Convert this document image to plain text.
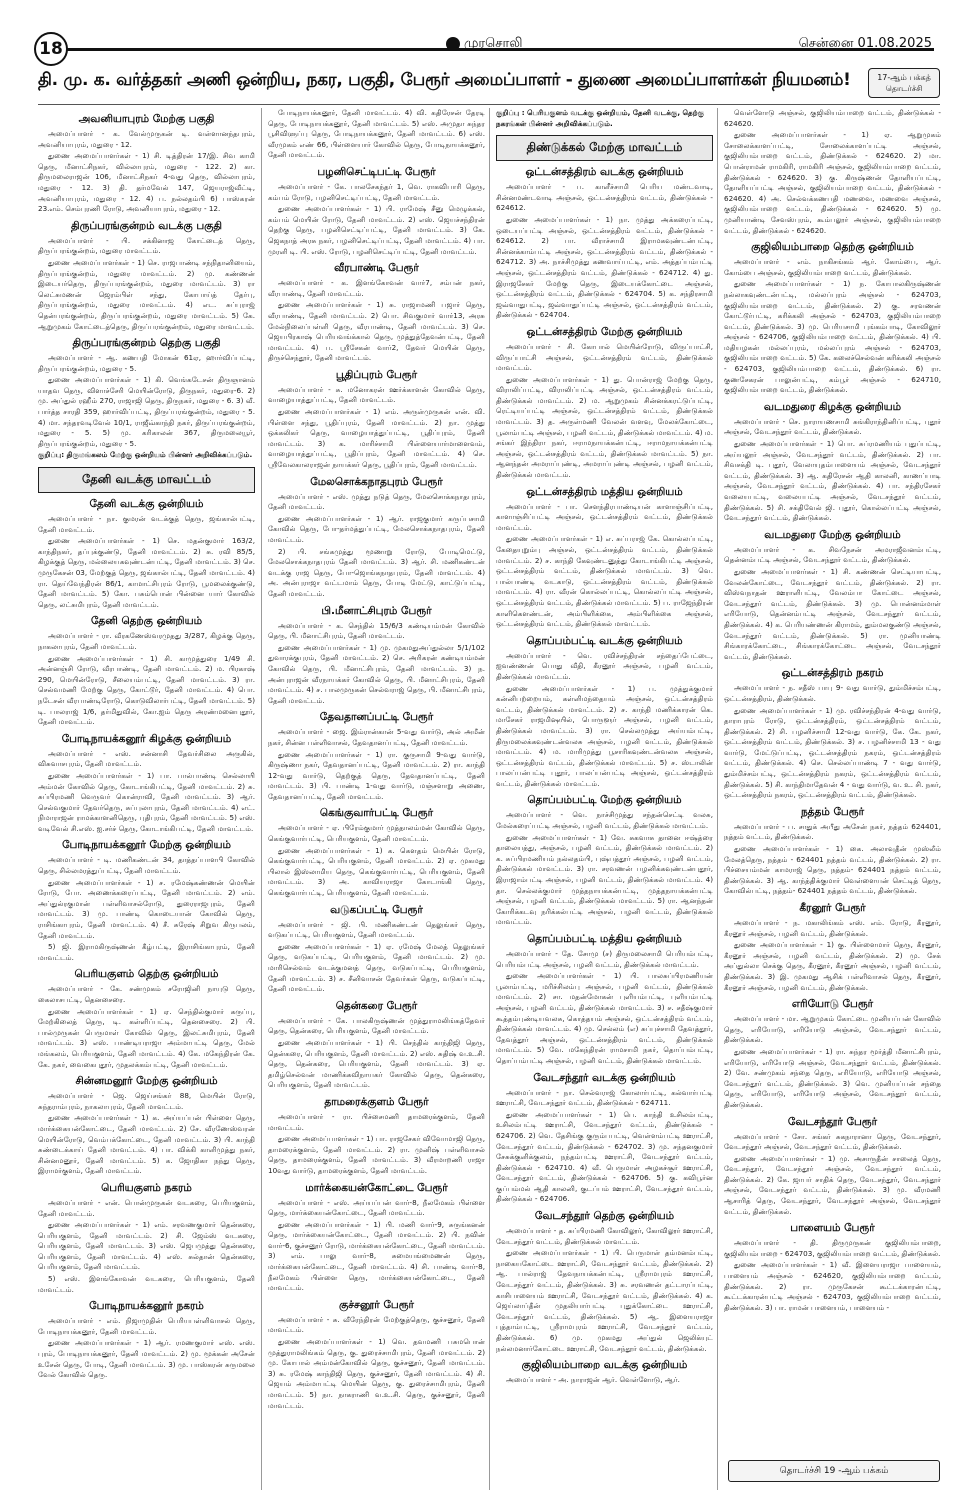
18	முரசொலி	சென்னை 01.08.2025
தி. மு. க. வர்த்தகர் அணி ஒன்றிய, நகர, பகுதி, பேரூர் அமைப்பாளர் - துணை அமைப்பாளர்கள் நியமனம்!	17-ஆம் பக்கத் தொடர்ச்சி
அவனியாபுரம் மேற்கு பகுதி
அமைப்பாளர் - க. வேல்முருகன் டி. வள்ளானந்தபுரம், அவனியாபுரம், மதுரை - 12.
துணை அமைப்பாளர்கள் - 1) சி. டித்திரன் 17/இ. சிவ காமி தெரு, மீனாட்சிநகர், வில்லாபுரம், மதுரை - 122. 2) கா. திருமலைராஜன் 106, மீனாட்சிநகர் 4-வது தெரு, வில்லாபுரம், மதுரை - 12. 3) தி. தர்மவேல் 147, ஜெயராஜ்வீட்டி, அவனியாபுரம், மதுரை - 12. 4) ப. நல்லதம்பி 6) பாஸ்கரன் 23.எம். செம்புரணி ரோடு, அவனியாபுரம், மதுரை - 12.
திருப்பரங்குன்றம் வடக்கு பகுதி
அமைப்பாளர் - பி. சக்கினாஜ கோட்டைத் தெரு, திருப்பரங்குன்றம், மதுரை மாவட்டம்.
துணை அமைப்பாளர்கள் - 1) செ. ராஜபாண்டி சந்நிதானியைம், திருப்பரங்குன்றம், மதுரை மாவட்டம். 2) மு. கண்ணன் இடையர்தெரு, திருப்பரங்குன்றம், மதுரை மாவட்டம். 3) ரா லெட்சுமணன் ஜெரம்பிள் சந்து, கோபாய்த் தேர்பு, திருப்பரங்குன்றம், மதுரை மாவட்டம். 4) எட. சுப்புராஜ் தென்பரங்குன்றம், திருப்பரங்குன்றம், மதுரை மாவட்டம். 5) கே. ஆறுமுகம் கோட்டைத்தெரு, திருப்பரங்குன்றம், மதுரை மாவட்டம்.
திருப்பரங்குன்றம் தெற்கு பகுதி
அமைப்பாளர் - ஆ. கணபதி மோகன் 61ஏ, ஹார்விப்பட்டி, திருப்பரங்குன்றம், மதுரை - 5.
துணை அமைப்பாளர்கள் - 1) கி. வெங்கடேசன் திருஞானம் யாதவ தெரு, விளாச்சேரி மெயின்ரோடு, திருநகர், மதுரை-6. 2) மு. அப்துல் ரஹீம் 270, ராஜாஜி தெரு, திருநகர், மதுரை - 6. 3) வீ. பார்த்த சாரதி 359, ஹார்விப்பட்டி, திருப்பரங்குன்றம், மதுரை - 5. 4) மா. சந்தரவடிவேல் 10/1, ராஜீவ்காந்தி நகர், திருப்பரங்குன்றம், மதுரை - 5. 5) மு. கரிகாலன் 367, திருமலையூர், திருப்பரங்குன்றம், மதுரை - 5.
குறிப்பு: திருமங்கலம் மேற்கு ஒன்றியம் பின்னர் அறிவிக்கப்படும்.
தேனி வடக்கு மாவட்டம்
தேனி வடக்கு ஒன்றியம்
அமைப்பாளர் - நா. குமரன் வடக்குத் தெரு, ஜங்கால்பட்டி, தேனி மாவட்டம்.
துணை அமைப்பாளர்கள் - 1) செ. மதன்குமார் 163/2, காந்திநகர், தப்புக்குண்டு, தேனி மாவட்டம். 2) சு. ரவி 85/5, கிழக்குத் தெரு, மல்லையகவுண்டன்பட்டி, தேனி மாவட்டம். 3) செ. முருகேசன் 03, மேற்குத் தெரு, ஜங்கால்பட்டி, தேனி மாவட்டம். 4) ரா. தெய்வேந்திரன் 86/1, காமாட்சிபுரம் ரோடு, பூமலைக்குண்டு, தேனி மாவட்டம். 5) கோ. பசும்பொன் பின்னை யார் கோவில் தெரு, லட்சுமிபுரம், தேனி மாவட்டம்.
தேனி தெற்கு ஒன்றியம்
அமைப்பாளர் - ரா. வீரகணேஸ்வரமுதது 3/287, கிழக்கு தெரு, நாகலாபுரம், தேனி மாவட்டம்.
துணை அமைப்பாளர்கள் - 1) சி. காமுத்துரை 1/49 சி. அன்னஞ்சி ரோடு, வீரபாண்டி, தேனி மாவட்டம். 2) ம. பிரகாஷ் 290, மெயின்ரோடு, சீலையம்பட்டி, தேனி மாவட்டம். 3) ரா. செல்வமணி மேற்கு தெரு, கோட்டூர், தேனி மாவட்டம். 4) பொ. நடேசன் வீரபாண்டிரோடு, கொடுவிலார்பட்டி, தேனி மாவட்டம். 5) டி. பாலராஜ் 1/6, தர்மிதுவில், கோ.ஐம் தெரு அரண்மனைபுதூர், தேனி மாவட்டம்.
போடிநாயக்கனூர் கிழக்கு ஒன்றியம்
அமைப்பாளர் - எஸ். சன்னாசி தேவர்சிலை அருகில், விசுவாசபுரம், தேனி மாவட்டம்.
துணை அமைப்பாளர்கள் - 1) பா. பால்பாண்டி செல்லாயி அம்மன் கோவில் தெரு, கோடாங்கிபட்டி, தேனி மாவட்டம். 2) சு. சுப்பிரமணி வெருவர் கொன்ராவி, தேனி மாவட்டம். 3) ஆர். செல்வகுமார் தேவர்தெரு, சுப்புலாபுரம், தேனி மாவட்டம். 4) எட். நிமாராஜன் ராமக்காளனிதெரு, புதிபுரம், தேனி மாவட்டம். 5) எஸ். வடிவேல் சி.எஸ். ஐ.சர்ச் தெரு, கோடாங்கிபட்டி, தேனி மாவட்டம்.
போடிநாயக்கனூர் மேற்கு ஒன்றியம்
அமைப்பாளர் - டி. மணிகண்டன் 34, தாத்தப்பாளபி கோவில் தெரு, சில்லமரத்துப்பட்டி, தேனி மாவட்டம்.
துணை அமைப்பாளர்கள் - 1) ச. ரமேஷ்கண்ணன் மெயின் ரோடு, போ. அணைக்கரைப்பட்டி, தேனி மாவட்டம். 2) எம். அப்துல்ரகுமான் பள்ளிவாசல்ரோடு, துரைராஜபுரம், தேனி மாவட்டம். 3) மு. பாண்டி கொடையான் கோவில் தெரு, ராசிங்காபுரம், தேனி மாவட்டம். 4) சீ. சுரேஷ் சிறுவ கிருபலம், தேனி மாவட்டம்.
5) ஜி. இராமகிருஷ்ணன் கீழ்பட்டி, இராசிங்காபுரம், தேனி மாவட்டம்.
பெரியகுளம் தெற்கு ஒன்றியம்
அமைப்பாளர் - கே. சண்முகம் சரோஜினி நாயுடு தெரு, கைலாசபட்டி, தெனசைரை.
துணை அமைப்பாளர்கள் - 1) ஏ. செந்தில்குமார் கருப்பு, மேற்கிலைத் தெரு, டி. கள்ளிப்பட்டி, தெனசைரை. 2) பி. பால்முருகன் பெருமாள் கோவில் தெரு, இலட்சுமிபுரம், தேனி மாவட்டம். 3) எஸ். பாண்டியராஜா அம்மாபட்டி தெரு, மேல் மங்கலம், பெரியகுளம், தேனி மாவட்டம். 4) கே. மகேந்திரன் கே. கே. நகர், வைகைபுதூர், முதலக்கம்பட்டி, தேனி மாவட்டம்.
சின்னமனூர் மேற்கு ஒன்றியம்
அமைப்பாளர் - ஜெ. ஜெய்சங்கர் 88, மெயின் ரோடு, சுந்தராம்புரம், நாகலாபுரம், தேனி மாவட்டம்.
துணை அமைப்பாளர்கள் - 1) க. அய்யப்பன் பிள்ளை தெரு, மார்க்கையன்கோட்டை, தேனி மாவட்டம். 2) சே. வீரணேஸ்வரன் மெயின்ரோடு, வெம்பக்கோட்டை, தேனி மாவட்டம். 3) பி. காந்தி சுண்டைக்காய் தேனி மாவட்டம். 4) பா. விக்கி காளிமுத்து நகர், சின்னமனூர், தேனி மாவட்டம். 5) க. ஜோதிகா நந்து தெரு, இராமர்குளம், தேனி மாவட்டம்.
பெரியகுளம் நகரம்
அமைப்பாளர் - என். பொன்முருகன் வடகரை, பெரியகுளம், தேனி மாவட்டம்.
துணை அமைப்பாளர்கள் - 1) எம். சரவணகுமார் தென்கரை, பெரியகுளம், தேனி மாவட்டம். 2) சி. ஜேம்ஸ் வடகரை, பெரியகுளம், தேனி மாவட்டம். 3) எஸ். ஜெபமுத்து தென்கரை, பெரியகுளம், தேனி மாவட்டம். 4) எஸ். சுல்தான் தென்கரை, பெரியகுளம், தேனி மாவட்டம்.
5) எஸ். இளங்கோவன் வடகரை, பெரியகுளம், தேனி மாவட்டம்.
போடிநாயக்கனூர் நகரம்
அமைப்பாளர் - எம். நிஜாமுதின் பெரியபள்ளிவாசல் தெரு, போடிநாயக்கனூர், தேனி மாவட்டம்.
துணை அமைப்பாளர்கள் - 1) ஆர். ரமணகுமார் எஸ். எஸ். புரம், போடிநாயக்கனூர், தேனி மாவட்டம். 2) மு. மூக்கன் அசேன் உசேன் தெரு, போடி, தேனி மாவட்டம். 3) மு. பாஸ்கரன் சுருமலை வேல் கோவில் தெரு.
போடிநாயக்கனூர், தேனி மாவட்டம். 4) வி. கதிரேசன் தேரடி தெரு, போடிநாயக்கனூர், தேனி மாவட்டம். 5) எஸ். அமுதா சுந்தர பூசிவிளுப்பு தெரு, போடிநாயக்கனூர், தேனி மாவட்டம். 6) எஸ். வீரமுகம் எண் 66, பிள்ளையார் கோவில் தெரு, போடிநாயக்கனூர், தேனி மாவட்டம்.
பழனிசெட்டிபட்டி பேரூர்
அமைப்பாளர் - கே. பாலசேகந்தர் 1, வெ. ராகவிபாரி தெரு, கம்பம் ரோடு, பழனிசெட்டிப்பட்டி, தேனி மாவட்டம்.
துணை அமைப்பாளர்கள் - 1) பி. ராமேஷ் சீனு மெழுக்கல், கம்பம் மெயின் ரோடு, தேனி மாவட்டம். 2) எஸ். ஜெயச்சந்திரன் தெற்கு தெரு, பழனிசெட்டிப்பட்டி, தேனி மாவட்டம். 3) கே. ஜெகநாத் அரசு நகர், பழனிசெட்டிப்பட்டி, தேனி மாவட்டம். 4) பா. முரளி டி. பி. எஸ். ரோடு, பழனிசெட்டிப்பட்டி, தேனி மாவட்டம்.
வீரபாண்டி பேரூர்
அமைப்பாளர் - க. இளங்கோவன் வார்7, சம்பன் நகர், வீரபாண்டி, தேனி மாவட்டம்.
துணை அமைப்பாளர்கள் - 1) சு. ராஜாமணி பஜார் தெரு, வீரபாண்டி, தேனி மாவட்டம். 2) பொ. சிவகுமார் வார்13, அரசு மேல்நிலைப்பள்ளி தெரு, வீரபாண்டி, தேனி மாவட்டம். 3) செ. ஜெயபிரகாஷ் பெரியவங்க்கால் தெரு, முத்துத்தேவன்பட்டி, தேனி மாவட்டம். 4) ப. ஸ்ரீசேகன் வார்2, தேவர் மெயின் தெரு, திருச்செந்தூர், தேனி மாவட்டம்.
பூதிப்புரம் பேரூர்
அமைப்பாளர் - சு. மனோகரன் ஊர்க்காளன் கோவில் தெரு, வாழையாத்துப்பட்டி, தேனி மாவட்டம்.
துணை அமைப்பாளர்கள் - 1) எம். அருள்முருகன் என். வி. பிள்ளை சந்து, பூதிப்புரம், தேனி மாவட்டம். 2) நா. முத்து ஒக்கலிகர் தெரு, வாழையாத்துப்பட்டி, பூதிப்புரம், தேனி மாவட்டம். 3) க. மாரிச்சாமி பிள்ளையார்மாளைவம், வாழையாத்துப்பட்டி, பூதிப்புரம், தேனி மாவட்டம். 4) செ. ஸ்ரீவேலகாலராஜன் நாயக்கர் தெரு, பூதிப்புரம், தேனி மாவட்டம்.
மேலசொக்கநாதபுரம் பேரூர்
அமைப்பாளர் - எஸ். முத்து நடுத் தெரு, மேலசொக்கநாதபுரம், தேனி மாவட்டம்.
துணை அமைப்பாளர்கள் - 1) ஆர். ராஜகுமார் கருப்பசாமி கோவில் தெரு, போ-தர்மத்துப்பட்டி, மேலசொக்கநாதபுரம், தேனி மாவட்டம்.
2) பி. சங்கமுத்து மூணாறு ரோடு, போடிமெட்டு, மேலசொக்கநாதபுரம் தேனி மாவட்டம். 3) ஆர். சி. மணிகண்டன் வடக்கு ராஜ தெரு, போ-ஜொங்கநாதபுரம், தேனி மாவட்டம். 4) அ. அன்புராஜா வட்டமாம் தெரு, போடி மேட்டு, காட்டுப்பட்டி, தேனி மாவட்டம்.
பி.மீனாட்சிபுரம் பேரூர்
அமைப்பாளர் - க. செந்தில் 15/6/3 கண்டியம்மன் கோவில் தெரு, பி. மீனாட்சிபுரம், தேனி மாவட்டம்.
துணை அமைப்பாளர்கள் - 1) மு. முகமதுஅப்துல்லா 5/1/102 துவாரக்குபுரம், தேனி மாவட்டம். 2) செ. அரிகரன் கண்டியம்மன் கோவில் தெரு, பி. மீனாட்சிபுரம், தேனி மாவட்டம். 3) ந. அன்புராஜன் வீரநாயக்கர் கோவில் தெரு, பி. மீனாட்சிபுரம், தேனி மாவட்டம். 4) ச. பாலமுருகன் செல்வராஜ் தெரு, பி. மீனாட்சிபுரம், தேனி மாவட்டம்.
தேவதானப்பட்டி பேரூர்
அமைப்பாளர் - ஜை. இம்ரான்கான் 5-வது வார்டு, அல் அமீன் நகர், சின்ன பள்ளிவாசல், தேவதானப்பட்டி, தேனி மாவட்டம்.
துணை அமைப்பாளர்கள் - 1) ரா. குருசாமி 9-வது வார்டு, கிருஷ்ணா நகர், தேவதானப்பட்டி, தேனி மாவட்டம். 2) ரா. காந்தி 12-வது வார்டு, தெற்குத் தெரு, தேவதானப்பட்டி, தேனி மாவட்டம். 3) பி. பாண்டி 1-வது வார்டு, மஞ்சளாறு அணை, தேவதானப்பட்டி, தேனி மாவட்டம்.
கெங்குவார்பட்டி பேரூர்
அமைப்பாளர் - ஏ. பிரேம்குமார் முத்தாலம்மன் கோவில் தெரு, கெங்குவார்பட்டி, பெரியகுளம், தேனி மாவட்டம்.
துணை அமைப்பாளர்கள் - 1) க. கௌதம் மெயின் ரோடு, கெங்குவார்பட்டி, பெரியகுளம், தேனி மாவட்டம். 2) ஏ. முகமது பிலால் இஸ்லாமிய தெரு, கெங்குவார்பட்டி, பெரியகுளம், தேனி மாவட்டம். 3) அ. காவியராஜா கோடாங்கி தெரு, கெங்குவார்பட்டி, பெரியகுளம், தேனி மாவட்டம்.
வடுகப்பட்டி பேரூர்
அமைப்பாளர் - ஜி. பி. மணிகண்டன் தெலுங்கர் தெரு, வடுகப்பட்டி, பெரியகுளம், தேனி மாவட்டம்.
துணை அமைப்பாளர்கள் - 1) ஏ. ரமேஷ் மேலத் தெலுங்கர் தெரு, வடுகப்பட்டி, பெரியகுளம், தேனி மாவட்டம். 2) மு. மாரிசெல்வம் வடக்குமனத் தெரு, வடுகப்பட்டி, பெரியகுளம், தேனி மாவட்டம். 3) ச. சீனிவாசன் தேவர்கள் தெரு, வடுகப்பட்டி, தேனி மாவட்டம்.
தென்கரை பேரூர்
அமைப்பாளர் - கே. பாலகிருஷ்ணன் முத்துராமலிங்கத்தேவர் தெரு, தென்கரை, பெரியகுளம், தேனி மாவட்டம்.
துணை அமைப்பாளர்கள் - 1) பி. செந்தில் காந்திஜி தெரு, தென்கரை, பெரியகுளம், தேனி மாவட்டம். 2) எஸ். சுதிஷ் வ.உ.சி. தெரு, தென்கரை, பெரியகுளம், தேனி மாவட்டம். 3) ஏ. தமிழ்செல்வன் மாணிக்கவிநாயகர் கோவில் தெரு, தென்கரை, பெரியகுளம், தேனி மாவட்டம்.
தாமரைக்குளம் பேரூர்
அமைப்பாளர் - ரா. பிச்சைமணி தாமரைக்குளம், தேனி மாவட்டம்.
துணை அமைப்பாளர்கள் - 1) பா. ராஜசேகர் விவோமாஜி தெரு, தாமரைக்குளம், தேனி மாவட்டம். 2) ரா. முனிஷ் பள்ளிவாசல் தெரு, தாமரைக்குளம், தேனி மாவட்டம். 3) வீரமாறணி ராஜா 10வது வார்டு, தாமரைக்குளம், தேனி மாவட்டம்.
மார்க்கையன்கோட்டை பேரூர்
அமைப்பாளர் - எஸ். அய்யப்பன் வார்-8, நீலமேகம் பிள்ளை தெரு, மார்க்கையன்கோட்டை, தேனி மாவட்டம்.
துணை அமைப்பாளர்கள் - 1) பி. மணி வார்-9, சுருங்கனன் தெரு, மார்க்கையன்கோட்டை, தேனி மாவட்டம். 2) பி. நவின் வார்-6, குச்சனூர் ரோடு, மார்க்கையன்கோட்டை, தேனி மாவட்டம். 3) எம். பாலு வார்-8, சுமையங்மைணன் தெரு, மார்க்கையன்கோட்டை, தேனி மாவட்டம். 4) சி. பாண்டி வார்-8, நீலமேகம் பிள்ளை தெரு, மார்க்கையன்கோட்டை, தேனி மாவட்டம்.
குச்சனூர் பேரூர்
அமைப்பாளர் - சு. வீரேந்திரன் மேற்குத்தெரு, குச்சனூர், தேனி மாவட்டம்.
துணை அமைப்பாளர்கள் - 1) வெ. தவமணி பசுமபொன் முத்துராமலிங்கம் தெரு, கு. துரைச்சாமிபுரம், தேனி மாவட்டம். 2) மு. கோபால் அம்மன்கோவில் தெரு, குச்சனூர், தேனி மாவட்டம். 3) சு. ரமேஷ் காந்திஜி தெரு, குச்சனூர், தேனி மாவட்டம். 4) சி. ஜெயம் அம்மாபட்டி மெயின் தெரு, கு. துரைச்சாமிபுரம், தேனி மாவட்டம். 5) நா. நாகராணி வ.உ.சி. தெரு, குச்சனூர், தேனி மாவட்டம்.
குறிப்பு : பெரியகுளம் வடக்கு ஒன்றியம், தேனி வடக்கு, தெற்கு நகரங்கள் பின்னர் அறிவிக்கப்படும்.
திண்டுக்கல் மேற்கு மாவட்டம்
ஒட்டன்சத்திரம் வடக்கு ஒன்றியம்
அமைப்பாளர் - ப. காளீச்சாமி பெரிய மண்டவாடி, சின்னமண்டவாடி அஞ்சல், ஒட்டன்சத்திரம் வட்டம், திண்டுக்கல் - 624612.
துணை அமைப்பாளர்கள் - 1) நா. முத்து அக்கரைப்பட்டி, ஒடையப்பட்டி அஞ்சல், ஒட்டன்சத்திரம் வட்டம், திண்டுக்கல் - 624612. 2) பா. வீராச்சாமி இராமகவுண்டன்பட்டி, சின்னக்காம்பட்டி அஞ்சல், ஒட்டன்சத்திரம் வட்டம், திண்டுக்கல் - 624712. 3) அ. நாச்சிமுத்து கணவாய்பட்டி, எம். அத்தப்பம்பட்டி அஞ்சல், ஒட்டன்சத்திரம் வட்டம், திண்டுக்கல் - 624712. 4) து. இராஜசேகர் மேற்கு தெரு, இடையக்கோட்டை அஞ்சல், ஒட்டன்சத்திரம் வட்டம், திண்டுக்கல் - 624704. 5) க. சந்திரசாமி ஜவ்வாதுபட்டி, ஜவ்வாதுப்பட்டி அஞ்சல், ஒட்டன்சத்திரம் வட்டம், திண்டுக்கல் - 624704.
ஒட்டன்சத்திரம் மேற்கு ஒன்றியம்
அமைப்பாளர் - சி. கோபால் மெயின்ரோடு, விருப்பாட்சி, விருப்பாட்சி அஞ்சல், ஒட்டன்சத்திரம் வட்டம், திண்டுக்கல் மாவட்டம்.
துணை அமைப்பாளர்கள் - 1) து. பொன்ராஜ் மேற்கு தெரு, விராலிப்பட்டி, விராலிப்பட்டி அஞ்சல், ஒட்டன்சத்திரம் வட்டம், திண்டுக்கல் மாவட்டம். 2) ம. ஆறுமுகம் சின்னக்கரட்டுப்பட்டி, ரெட்டியப்பட்டி அஞ்சல், ஒட்டன்சத்திரம் வட்டம், திண்டுக்கல் மாவட்டம். 3) த. அருள்மணி வேலன் வளவு, மேலக்கோட்டை, பூலாம்பட்டி அஞ்சல், பழனி வட்டம், திண்டுக்கல் மாவட்டம். 4) ம. சங்கர் இந்திரா நகர், ஈராமநாயக்கன்பட்டி, ஈராமநாயக்கன்பட்டி அஞ்சல், ஒட்டன்சத்திரம் வட்டம், திண்டுக்கல் மாவட்டம். 5) நா. ஆனந்தன் அமராப்புண்டி, அமராப்புண்டி அஞ்சல், பழனி வட்டம், திண்டுக்கல் மாவட்டம்.
ஒட்டன்சத்திரம் மத்திய ஒன்றியம்
அமைப்பாளர் - பா. சௌந்திரபாண்டியன் காளாஞ்சிப்பட்டி, காளாஞ்சிப்பட்டி அஞ்சல், ஒட்டன்சத்திரம் வட்டம், திண்டுக்கல் மாவட்டம்.
துணை அமைப்பாளர்கள் - 1) எ. சுப்பராஜ் கே. கொல்லப்பட்டி, கேதையுறும்பு அஞ்சல், ஒட்டன்சத்திரம் வட்டம், திண்டுக்கல் மாவட்டம். 2) ச. காந்தி கேவுண்டனுத்து கோடாங்கிபட்டி அஞ்சல், ஒட்டன்சத்திரம் வட்டம், திண்டுக்கல் மாவட்டம். 3) வெ. பால்பாண்டி வடகாடு, ஒட்டன்சத்திரம் வட்டம், திண்டுக்கல் மாவட்டம். 4) ரா. வீரன் கொல்லப்பட்டி, கொல்லப்பட்டி அஞ்சல், ஒட்டன்சத்திரம் வட்டம், திண்டுக்கல் மாவட்டம். 5) ப. ராஜேந்திரன் காளிகௌண்டன், அம்பிளிக்கை, அம்பிளிக்கை அஞ்சல், ஒட்டன்சத்திரம் வட்டம், திண்டுக்கல் மாவட்டம்.
தொப்பம்பட்டி வடக்கு ஒன்றியம்
அமைப்பாளர் - வெ. ரவிச்சந்திரன் சந்தைப்பேட்டை, ஐவண்ணன் பொது வீதி, கீரனூர் அஞ்சல், பழனி வட்டம், திண்டுக்கல் மாவட்டம்.
துணை அமைப்பாளர்கள் - 1) ப. முத்துக்குமார் கன்னிபற்றையம், கள்ளிமந்தையம் அஞ்சல், ஒட்டன்சத்திரம் வட்டம், திண்டுக்கல் மாவட்டம். 2) ச. காந்தி மணிக்காரன் கெ. மாசேகர் ராஜமிஷயில், பொருளூர் அஞ்சல், பழனி வட்டம், திண்டுக்கல் மாவட்டம். 3) ரா. செல்லமுத்து அய்யம்பட்டி, திருமலைக்கவுண்டன்வலசு அஞ்சல், பழனி வட்டம், திண்டுக்கல் மாவட்டம். 4) ம. மாரிமுத்து பூசாரிகவுண்டன்வலசு அஞ்சல், ஒட்டன்சத்திரம் வட்டம், திண்டுக்கல் மாவட்டம். 5) ச. ஸ்டாலின் பாலப்பன்பட்டி புதூர், பாலப்பன்பட்டி அஞ்சல், ஒட்டன்சத்திரம் வட்டம், திண்டுக்கல் மாவட்டம்.
தொப்பம்பட்டி மேற்கு ஒன்றியம்
அமைப்பாளர் - வெ. நாச்சிமுத்து சந்தன்செட்டி வலசு, மேல்கரைப்பட்டி அஞ்சல், பழனி வட்டம், திண்டுக்கல் மாவட்டம்.
துணை அமைப்பாளர்கள் - 1) வே. சுகவாசு தானை ஈஷ்த்ரை தாலையத்து, அஞ்சல், பழனி வட்டம், திண்டுக்கல் மாவட்டம். 2) க. சுப்பிரமணியம் நல்லதம்பி, புஷ்பத்தூர் அஞ்சல், பழனி வட்டம், திண்டுக்கல் மாவட்டம். 3) ரா. சரவணன் பழனிக்கவுண்டன்புதூர், இராஜாம்பட்டி அஞ்சல், பழனி வட்டம், திண்டுக்கல் மாவட்டம். 4) தா. செல்லக்குமார் முத்தநாயக்கன்பட்டி, முத்தநாயக்கன்பட்டி அஞ்சல், பழனி வட்டம், திண்டுக்கல் மாவட்டம். 5) ரா. ஆனந்தன் கோரிக்கடவு நரிக்கல்பட்டி அஞ்சல், பழனி வட்டம், திண்டுக்கல் மாவட்டம்.
தொப்பம்பட்டி மத்திய ஒன்றியம்
அமைப்பாளர் - தே. சோமு (ச) திருமலைசாமி பெரியம்பட்டி, பெரியம்பட்டி அஞ்சல், பழனி வட்டம், திண்டுக்கல் மாவட்டம்.
துணை அமைப்பாளர்கள் - 1) பி. பாலசுப்பிரமணியன் பூலாம்பட்டி, மரிச்சிலம்பு அஞ்சல், பழனி வட்டம், திண்டுக்கல் மாவட்டம். 2) சா. மதன்மோகன் புளியம்பட்டி, புளியம்பட்டி அஞ்சல், பழனி வட்டம், திண்டுக்கல் மாவட்டம். 3) ச. சதீஷ்குமார் கூத்தம்புண்டியவலசு, கொத்தயம் அஞ்சல், ஒட்டன்சத்திரம் வட்டம், திண்டுக்கல் மாவட்டம். 4) மு. செல்லம் (எ) சுப்புச்சாமி தேவத்தூர், தேவத்தூர் அஞ்சல், ஒட்டன்சத்திரம் வட்டம், திண்டுக்கல் மாவட்டம். 5) வே. மகேந்திரன் ராமசாமி நகர், தொப்பம்பட்டி, தொப்பம்பட்டி அஞ்சல், பழனி வட்டம், திண்டுக்கல் மாவட்டம்.
வேடசந்தூர் வடக்கு ஒன்றியம்
அமைப்பாளர் - நா. செல்வராஜ் கோலார்பட்டி, கல்வார்பட்டி ஊராட்சி, வேடசந்தூர் வட்டம், திண்டுக்கல் - 624711.
துணை அமைப்பாளர்கள் - 1) பெ. காந்தி உசிலம்பட்டி, உசிலம்பட்டி ஊராட்சி, வேடசந்தூர் வட்டம், திண்டுக்கல் - 624706. 2) வெ. தேசிங்கு குரும்பபட்டி, வெள்ளம்பட்டி ஊராட்சி, வேடசந்தூர் வட்டம், திண்டுக்கல் - 624702. 3) மு. சந்தனகுமார் சேசுக்குளிக்குலம், நந்தம்பட்டி ஊராட்சி, வேடசந்தூர் வட்டம், திண்டுக்கல் - 624710. 4) வீ. பெருமாள் அழகச்சூர் ஊராட்சி, வேடசந்தூர் வட்டம், திண்டுக்கல் - 624706. 5) கு. கவிபூர்ன குப்பம்மல் ஆதி காலனி, குடப்பம் ஊராட்சி, வேடசந்தூர் வட்டம், திண்டுக்கல் - 624706.
வேடசந்தூர் தெற்கு ஒன்றியம்
அமைப்பாளர் - த. சுப்பிரமணி கோவிலூர், கோவிலூர் ஊராட்சி, வேடசந்தூர் வட்டம், திண்டுக்கல் மாவட்டம்.
துணை அமைப்பாளர்கள் - 1) பி. பெருமாள் தம்மனம்பட்டி, நாகையகோட்டை ஊராட்சி, வேடசந்தூர் வட்டம், திண்டுக்கல். 2) ஆ. பால்ராஜ் தேவநாயக்கன்பட்டி, ஸ்ரீராமபுரம் ஊராட்சி, வேடசந்தூர் வட்டம், திண்டுக்கல். 3) சு. சரவணன் தட்டாரப்பட்டி, காசிபாளையம் ஊராட்சி, வேடசந்தூர் வட்டம், திண்டுக்கல். 4) க. ஜெய்லாப்தீன் முதலியார்பட்டி புதுக்கோட்டை ஊராட்சி, வேடசந்தூர் வட்டம், திண்டுக்கல். 5) ஆ. இளையராஜா புத்தாம்பட்டி, ஸ்ரீராமபுரம் ஊராட்சி, வேடசந்தூர் வட்டம், திண்டுக்கல். 6) மு. முகமது அப்துல் ஜெலிக்யுட் நல்லமனார்கோட்டை ஊராட்சி, வேடசந்தூர் வட்டம், திண்டுக்கல்.
குஜிலியம்பாறை வடக்கு ஒன்றியம்
அமைப்பாளர் - அ. நாராஜன் ஆர். வெள்ளோடு, ஆர்.
வெள்ளோடு அஞ்சல், குஜிலியம்பாறை வட்டம், திண்டுக்கல் - 624620.
துணை அமைப்பாளர்கள் - 1) ஏ. ஆறுமுகம் சோலைக்காளப்பட்டி, சோலைக்காளப்பட்டி அஞ்சல், குஜிலியம்பாறை வட்டம், திண்டுக்கல் - 624620. 2) மா. பொன்ராமன் ராமகிரி, ராமகிரி அஞ்சல், குஜிலியம்பாறை வட்டம், திண்டுக்கல் - 624620. 3) கு. கிருஷ்ணன் தோளியப்பட்டி, தோளியப்பட்டி அஞ்சல், குஜிலியம்பாறை வட்டம், திண்டுக்கல் - 624620. 4) அ. செல்வக்கணபதி மணவை, மணவை அஞ்சல், குஜிலியம்பாறை வட்டம், திண்டுக்கல் - 624620. 5) மு. முனியாண்டி சேவஸ்புரம், கூம்பலூர் அஞ்சல், குஜிலியம்பாறை வட்டம், திண்டுக்கல் - 624620.
குஜிலியம்பாறை தெற்கு ஒன்றியம்
அமைப்பாளர் - எம். நாகிசங்கம் ஆர். கோம்பை, ஆர். கோம்பை அஞ்சல், குஜிலியம்பாறை வட்டம், திண்டுக்கல்.
துணை அமைப்பாளர்கள் - 1) ந. கோபாலகிருஷ்ணன் நல்லாகவுண்டன்பட்டி, மல்லப்புரம் அஞ்சல் - 624703, குஜிலியம்பாறை வட்டம், திண்டுக்கல். 2) கு. சரவணன் கோட்டூர்பட்டி, கரிக்கலி அஞ்சல் - 624703, குஜிலியம்பாறை வட்டம், திண்டுக்கல். 3) மு. பெரியசாமி புங்கம்பாடி, கோவிலூர் அஞ்சல் - 624706, குஜிலியம்பாறை வட்டம், திண்டுக்கல். 4) பி. மதியழகன் மல்லப்புரம், மல்லப்புரம் அஞ்சல் - 624703, குஜிலியம்பாறை வட்டம். 5) கே. கலைச்செல்வன் கரிக்கலி அஞ்சல் - 624703, குஜிலியம்பாறை வட்டம், திண்டுக்கல். 6) ரா. குணசேகரன் பாலுன்பட்டி, கம்பூர் அஞ்சல் - 624710, குஜிலியம்பாறை வட்டம், திண்டுக்கல்.
வடமதுரை கிழக்கு ஒன்றியம்
அமைப்பாளர் - செ. நாராயணசாமி சுங்கிராந்தினிப்பட்டி, புதூர் அஞ்சல், வேடசந்தூர் வட்டம், திண்டுக்கல்.
துணை அமைப்பாளர்கள் - 1) பொ. சுப்ரமணியம் புதுப்பட்டி, அய்யலூர் அஞ்சல், வேடசந்தூர் வட்டம், திண்டுக்கல். 2) பா. சிவசக்தி டி. புதூர், வேலாயுதம்பாளையம் அஞ்சல், வேடசந்தூர் வட்டம், திண்டுக்கல். 3) ஆ. கதிரேசன் ஆதி காலனி, காணப்பாடி அஞ்சல், வேடசந்தூர் வட்டம், திண்டுக்கல். 4) பா. சந்திரசேகர் வலையபட்டி, வலையபட்டி அஞ்சல், வேடசந்தூர் வட்டம், திண்டுக்கல். 5) சி. சக்திவேல் ஜி. புதூர், கொல்லப்பட்டி அஞ்சல், வேடசந்தூர் வட்டம், திண்டுக்கல்.
வடமதுரை மேற்கு ஒன்றியம்
அமைப்பாளர் - க. சிவநேசன் அமராஜீவனம்பட்டி, தென்னம்பட்டி அஞ்சல், வேடசந்தூர் வட்டம், திண்டுக்கல்.
துணை அமைப்பாளர்கள் - 1) சி. கண்ணன் செட்டியாபட்டி, வேலன்கோட்டை, வேடசந்தூர் வட்டம், திண்டுக்கல். 2) ரா. விஸ்வநாதன் ஊராளிபட்டி, வேலம்பா கோட்டை அஞ்சல், வேடசந்தூர் வட்டம், திண்டுக்கல். 3) மு. பொன்னம்மாள் எரியோடு, தென்னம்பட்டி அஞ்சல், வேடசந்தூர் வட்டம், திண்டுக்கல். 4) க. பெரியண்ணன் கிராமம், தும்மலகுண்டு அஞ்சல், வேடசந்தூர் வட்டம், திண்டுக்கல். 5) ரா. முனியாண்டி சிங்காரக்கோட்டை, சிங்காரக்கோட்டை அஞ்சல், வேடசந்தூர் வட்டம், திண்டுக்கல்.
ஒட்டன்சத்திரம் நகரம்
அமைப்பாளர் - ந. சதீஸ் பாபு 9- வது வார்டு, தும்மிச்சம்பட்டி, ஒட்டன்சத்திரம், திண்டுக்கல்.
துணை அமைப்பாளர்கள் - 1) மு. ரவிச்சந்திரன் 4-வது வார்டு, தாராபுரம் ரோடு, ஒட்டன்சத்திரம், ஒட்டன்சத்திரம் வட்டம், திண்டுக்கல். 2) சி. பழனிச்சாமி 12-வது வார்டு, கே. கே. நகர், ஒட்டன்சத்திரம் வட்டம், திண்டுக்கல். 3) ச. பழனிச்சாமி 13 - வது வார்டு, மேட்டுப்பட்டி, ஒட்டன்சத்திரம் நகரம், ஒட்டன்சத்திரம் வட்டம், திண்டுக்கல். 4) செ. செல்லப்பாண்டி 7 - வது வார்டு, தும்மிச்சம்பட்டி, ஒட்டன்சத்திரம் நகரம், ஒட்டன்சத்திரம் வட்டம், திண்டுக்கல். 5) சி. காந்திமாதேவன் 4 - வது வார்டு, வ. உ. சி. நகர், ஒட்டன்சத்திரம் நகரம், ஒட்டன்சத்திரம் வட்டம், திண்டுக்கல்.
நத்தம் பேரூர்
அமைப்பாளர் - ப. சாதுக் அபீது அசேன் நகர், நத்தம் 624401, நத்தம் வட்டம், திண்டுக்கல்.
துணை அமைப்பாளர்கள் - 1) கை. அலாவுதீன் முஸ்லீம் மேலத்தெரு, நத்தம் - 624401 நத்தம் வட்டம், திண்டுக்கல். 2) ரா. பிச்சையம்மன் காமராஜ் தெரு, நத்தம்- 624401 நத்தம் வட்டம், திண்டுக்கல். 3) ஆ. காந்த்திக்குமார் வெள்ளையன் செட்டித் தெரு, கோவில்பட்டி, நத்தம்- 624401 நத்தம் வட்டம், திண்டுக்கல்.
கீரனூர் பேரூர்
அமைப்பாளர் - ந. மகாலிங்கம் எஸ். எம். ரோடு, கீரனூர், கீரனூர் அஞ்சல், பழனி வட்டம், திண்டுக்கல்.
துணை அமைப்பாளர்கள் - 1) கு. பிள்ளைமார் தெரு, கீரனூர், கீரனூர் அஞ்சல், பழனி வட்டம், திண்டுக்கல். 2) மு. சேக் அப்துல்லா செக்கு தெரு, கீரனூர், கீரனூர் அஞ்சல், பழனி வட்டம், திண்டுக்கல். 3) இ. முகமது ஆசிக் பள்ளிவாசல் தெரு, கீரனூர், கீரனூர் அஞ்சல், பழனி வட்டம், திண்டுக்கல்.
எரியோடு பேரூர்
அமைப்பாளர் - மா. ஆறுமுகம் கோட்டை முனியப்பன் கோவில் தெரு, எரியோடு, எரியோடு அஞ்சல், வேடசந்தூர் வட்டம், திண்டுக்கல்.
துணை அமைப்பாளர்கள் - 1) ரா. சுந்தர மூர்த்தி மீனாட்சிபுரம், எரியோடு, எரியோடு அஞ்சல், வேடசந்தூர் வட்டம், திண்டுக்கல். 2) வே. சண்முகம் சந்தை தெரு, எரியோடு, எரியோடு அஞ்சல், வேடசந்தூர் வட்டம், திண்டுக்கல். 3) வெ. முனியப்பன் சந்தை தெரு, எரியோடு, எரியோடு அஞ்சல், வேடசந்தூர் வட்டம், திண்டுக்கல்.
வேடசந்தூர் பேரூர்
அமைப்பாளர் - சோ. சங்கர் சுகநாரானா தெரு, வேடசந்தூர், வேடசந்தூர் அஞ்சல், வேடசந்தூர் வட்டம், திண்டுக்கல்.
துணை அமைப்பாளர்கள் - 1) மு. அசாருதீன் சாலைத் தெரு, வேடசந்தூர், வேடசந்தூர் அஞ்சல், வேடசந்தூர் வட்டம், திண்டுக்கல். 2) கே. ஜாபர் சாதிக் தெரு, வேடசந்தூர், வேடசந்தூர் அஞ்சல், வேடசந்தூர் வட்டம், திண்டுக்கல். 3) மு. வீரமணி ஆசாரித் தெரு, வேடசந்தூர், வேடசந்தூர் அஞ்சல், வேடசந்தூர் வட்டம், திண்டுக்கல்.
பாளையம் பேரூர்
அமைப்பாளர் - தி. திருமுருகன் குஜிலியம்பாறை, குஜிலியம்பாறை - 624703, குஜிலியம்பாறை வட்டம், திண்டுக்கல்.
துணை அமைப்பாளர்கள் - 1) வீ. இளையராஜா பாளையம், பாளையம் அஞ்சல் - 624620, குஜிலியம்பாறை வட்டம், திண்டுக்கல். 2) ரா. முருகேசன் கூட்டக்காரன்பட்டி, கூட்டக்காரன்பட்டி அஞ்சல் - 624703, குஜிலியம்பாறை வட்டம், திண்டுக்கல். 3) பா. ராமன் பாளையம், பாளையம் -
தொடர்ச்சி 19 -ஆம் பக்கம்
